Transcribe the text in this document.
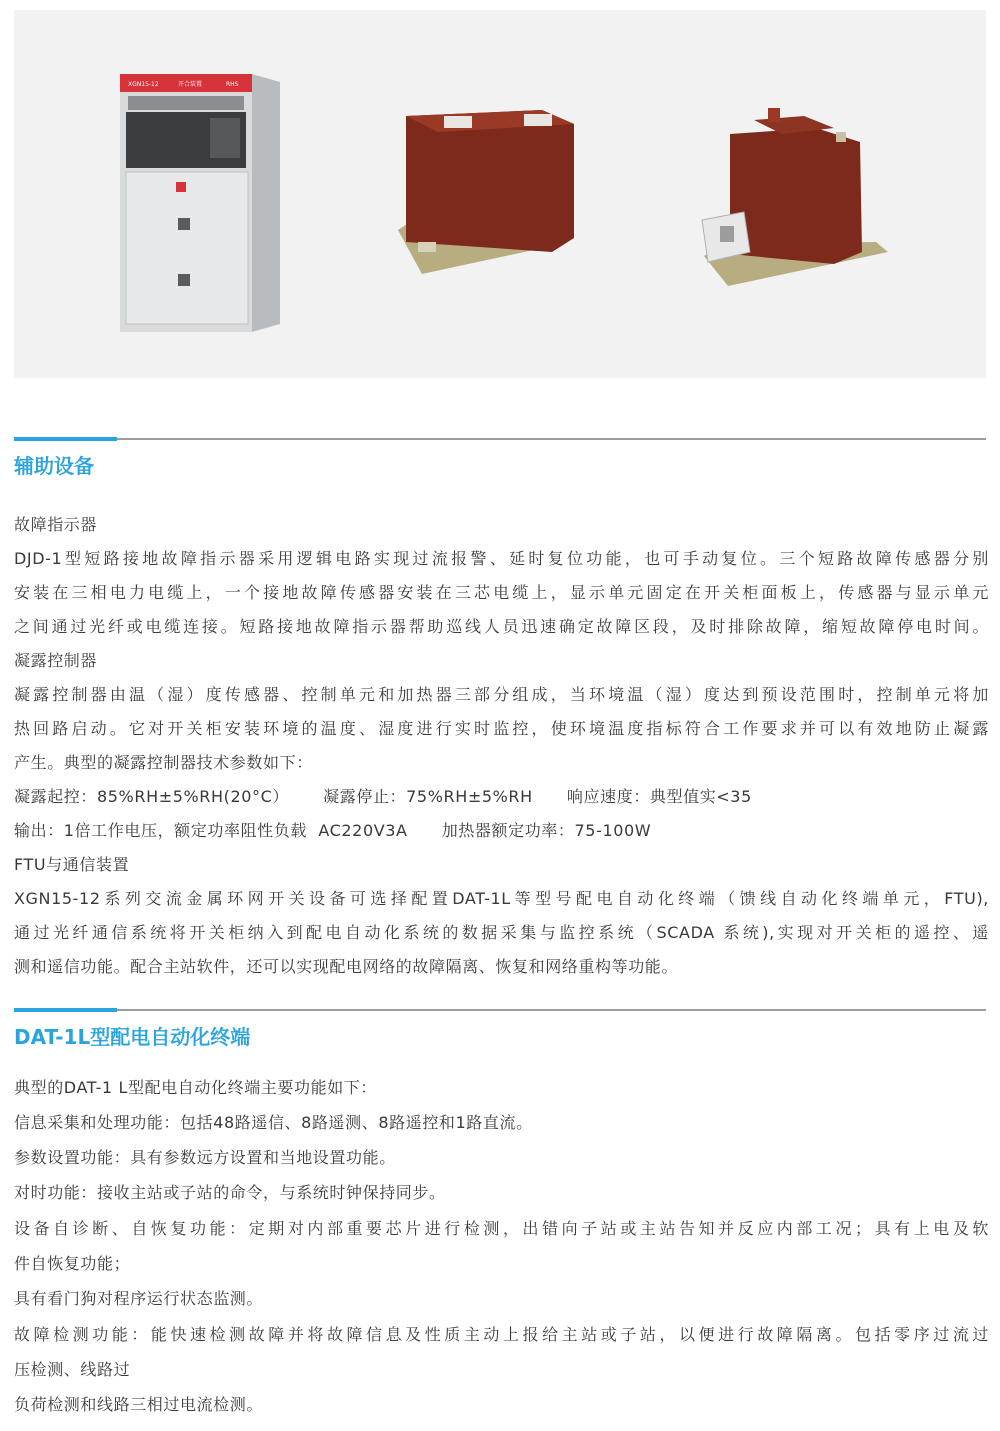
XGN15-12	开合装置	RHS
辅助设备

故障指示器

DJD-1型短路接地故障指示器采用逻辑电路实现过流报警、延时复位功能，也可手动复位。三个短路故障传感器分别

安装在三相电力电缆上，一个接地故障传感器安装在三芯电缆上，显示单元固定在开关柜面板上，传感器与显示单元

之间通过光纤或电缆连接。短路接地故障指示器帮助巡线人员迅速确定故障区段，及时排除故障，缩短故障停电时间。

凝露控制器

凝露控制器由温（湿）度传感器、控制单元和加热器三部分组成，当环境温（湿）度达到预设范围时，控制单元将加

热回路启动。它对开关柜安装环境的温度、湿度进行实时监控，使环境温度指标符合工作要求并可以有效地防止凝露

产生。典型的凝露控制器技术参数如下：

凝露起控：85%RH±5%RH(20°C）      凝露停止：75%RH±5%RH      响应速度：典型值实<35

输出：1倍工作电压，额定功率阻性负载  AC220V3A      加热器额定功率：75-100W

FTU与通信装置

XGN15-12系列交流金属环网开关设备可选择配置DAT-1L等型号配电自动化终端（馈线自动化终端单元，FTU),

通过光纤通信系统将开关柜纳入到配电自动化系统的数据采集与监控系统（SCADA 系统),实现对开关柜的遥控、遥

测和遥信功能。配合主站软件，还可以实现配电网络的故障隔离、恢复和网络重构等功能。

DAT-1L型配电自动化终端

典型的DAT-1 L型配电自动化终端主要功能如下：

信息采集和处理功能：包括48路遥信、8路遥测、8路遥控和1路直流。

参数设置功能：具有参数远方设置和当地设置功能。

对时功能：接收主站或子站的命令，与系统时钟保持同步。

设备自诊断、自恢复功能：定期对内部重要芯片进行检测，出错向子站或主站告知并反应内部工况；具有上电及软

件自恢复功能；

具有看门狗对程序运行状态监测。

故障检测功能：能快速检测故障并将故障信息及性质主动上报给主站或子站，以便进行故障隔离。包括零序过流过

压检测、线路过

负荷检测和线路三相过电流检测。
